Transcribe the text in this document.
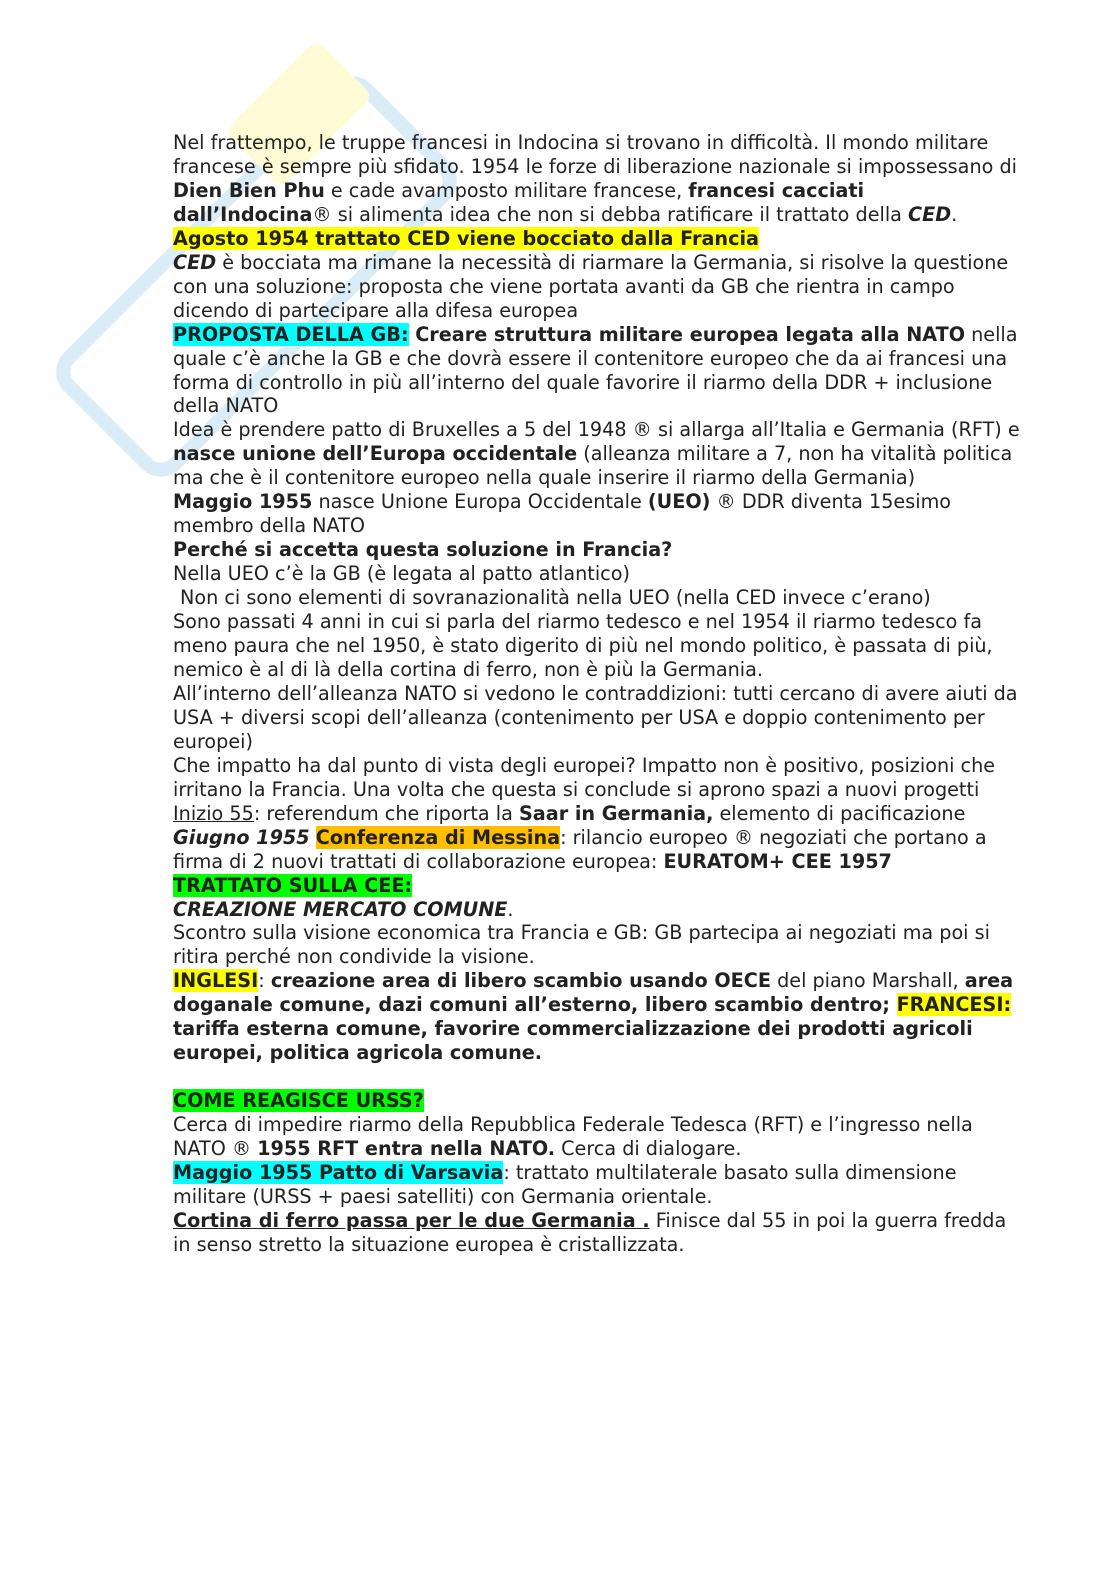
Nel frattempo, le truppe francesi in Indocina si trovano in difficoltà. Il mondo militare francese è sempre più sfidato. 1954 le forze di liberazione nazionale si impossessano di Dien Bien Phu e cade avamposto militare francese, francesi cacciati dall’Indocina® si alimenta idea che non si debba ratificare il trattato della CED.

Agosto 1954 trattato CED viene bocciato dalla Francia

CED è bocciata ma rimane la necessità di riarmare la Germania, si risolve la questione con una soluzione: proposta che viene portata avanti da GB che rientra in campo dicendo di partecipare alla difesa europea

PROPOSTA DELLA GB: Creare struttura militare europea legata alla NATO nella quale c’è anche la GB e che dovrà essere il contenitore europeo che da ai francesi una forma di controllo in più all’interno del quale favorire il riarmo della DDR + inclusione della NATO

Idea è prendere patto di Bruxelles a 5 del 1948 ® si allarga all’Italia e Germania (RFT) e nasce unione dell’Europa occidentale (alleanza militare a 7, non ha vitalità politica ma che è il contenitore europeo nella quale inserire il riarmo della Germania)

Maggio 1955 nasce Unione Europa Occidentale (UEO) ® DDR diventa 15esimo membro della NATO

Perché si accetta questa soluzione in Francia?

Nella UEO c’è la GB (è legata al patto atlantico)

Non ci sono elementi di sovranazionalità nella UEO (nella CED invece c’erano)

Sono passati 4 anni in cui si parla del riarmo tedesco e nel 1954 il riarmo tedesco fa meno paura che nel 1950, è stato digerito di più nel mondo politico, è passata di più, nemico è al di là della cortina di ferro, non è più la Germania.

All’interno dell’alleanza NATO si vedono le contraddizioni: tutti cercano di avere aiuti da USA + diversi scopi dell’alleanza (contenimento per USA e doppio contenimento per europei)

Che impatto ha dal punto di vista degli europei? Impatto non è positivo, posizioni che irritano la Francia. Una volta che questa si conclude si aprono spazi a nuovi progetti

Inizio 55: referendum che riporta la Saar in Germania, elemento di pacificazione

Giugno 1955 Conferenza di Messina: rilancio europeo ® negoziati che portano a firma di 2 nuovi trattati di collaborazione europea: EURATOM+ CEE 1957

TRATTATO SULLA CEE:

CREAZIONE MERCATO COMUNE.

Scontro sulla visione economica tra Francia e GB: GB partecipa ai negoziati ma poi si ritira perché non condivide la visione.

INGLESI: creazione area di libero scambio usando OECE del piano Marshall, area doganale comune, dazi comuni all’esterno, libero scambio dentro; FRANCESI: tariffa esterna comune, favorire commercializzazione dei prodotti agricoli europei, politica agricola comune.

COME REAGISCE URSS?

Cerca di impedire riarmo della Repubblica Federale Tedesca (RFT) e l’ingresso nella NATO ® 1955 RFT entra nella NATO. Cerca di dialogare.

Maggio 1955 Patto di Varsavia: trattato multilaterale basato sulla dimensione militare (URSS + paesi satelliti) con Germania orientale.

Cortina di ferro passa per le due Germania . Finisce dal 55 in poi la guerra fredda in senso stretto la situazione europea è cristallizzata.
